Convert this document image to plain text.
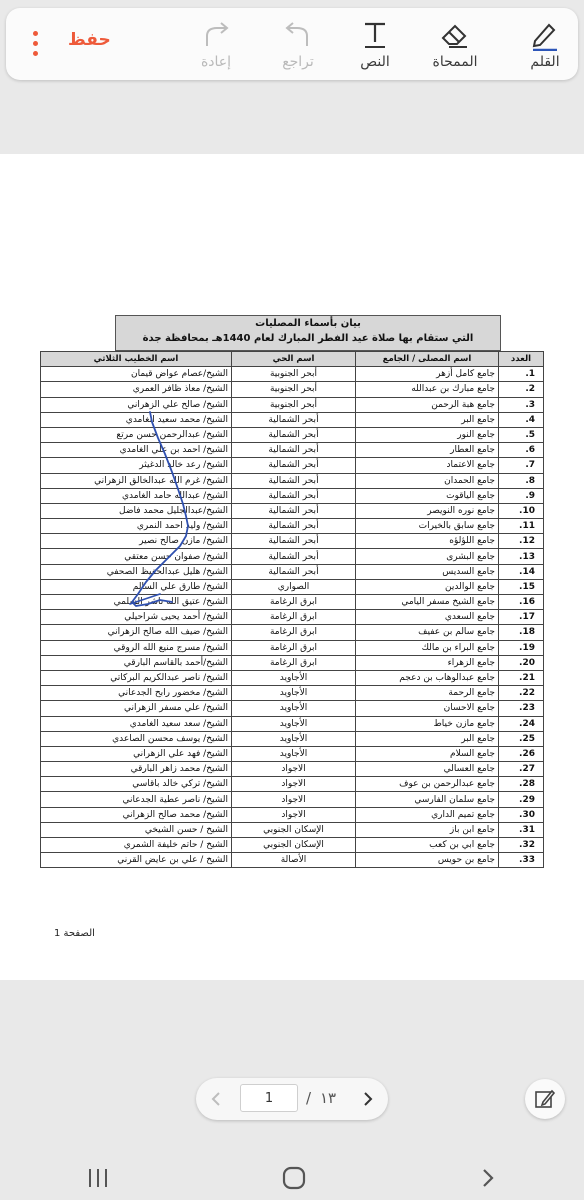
حفظ
إعادة	تراجع	النص	الممحاة	القلم
بيان بأسماء المصليات
التي ستقام بها صلاة عيد الفطر المبارك لعام 1440هـ بمحافظة جدة
العدد	اسم المصلى / الجامع	اسم الحي	اسم الخطيب الثلاثي
1.	جامع كامل أزهر	أبحر الجنوبية	الشيخ/عصام عواض قيمان
2.	جامع مبارك بن عبدالله	أبحر الجنوبية	الشيخ/ معاذ ظافر العمري
3.	جامع هبة الرحمن	أبحر الجنوبية	الشيخ/ صالح علي الزهراني
4.	جامع البر	أبحر الشمالية	الشيخ/ محمد سعيد الغامدي
5.	جامع النور	أبحر الشمالية	الشيخ/ عبدالرحمن حسن مرتع
6.	جامع العطار	أبحر الشمالية	الشيخ/ احمد بن علي الغامدي
7.	جامع الاعتماد	أبحر الشمالية	الشيخ/ رعد خالد الدغيثر
8.	جامع الحمدان	أبحر الشمالية	الشيخ/ غرم الله عبدالخالق الزهراني
9.	جامع الياقوت	أبحر الشمالية	الشيخ/ عبدالله حامد الغامدي
10.	جامع نوره النويصر	أبحر الشمالية	الشيخ/عبدالجليل محمد فاضل
11.	جامع سابق بالخيرات	أبحر الشمالية	الشيخ/ وليد احمد النمري
12.	جامع اللؤلؤه	أبحر الشمالية	الشيخ/ مازن صالح نصير
13.	جامع البشرى	أبحر الشمالية	الشيخ/ صفوان حسن معتقي
14.	جامع السديس	أبحر الشمالية	الشيخ/ هليل عبدالحفيظ الصحفي
15.	جامع الوالدين	الصواري	الشيخ/ طارق علي السالم
16.	جامع الشيخ مسفر اليامي	ابرق الرغامة	الشيخ/ عتيق الله ناشر السلمي
17.	جامع السعدي	ابرق الرغامة	الشيخ/ أحمد يحيى شراحيلي
18.	جامع سالم بن عفيف	ابرق الرغامة	الشيخ/ ضيف الله صالح الزهراني
19.	جامع البراء بن مالك	ابرق الرغامة	الشيخ/ مسرج منيع الله الروقي
20.	جامع الزهراء	ابرق الرغامة	الشيخ/أحمد بالقاسم البارقي
21.	جامع عبدالوهاب بن دعجم	الأجاويد	الشيخ/ ناصر عبدالكريم البركاتي
22.	جامع الرحمة	الأجاويد	الشيخ/ مخضور رابح الجدعاني
23.	جامع الاحسان	الأجاويد	الشيخ/ علي مسفر الزهراني
24.	جامع مازن خياط	الأجاويد	الشيخ/ سعد سعيد الغامدي
25.	جامع البر	الأجاويد	الشيخ/ يوسف محسن الصاعدي
26.	جامع السلام	الأجاويد	الشيخ/ فهد علي الزهراني
27.	جامع العسالي	الاجواد	الشيخ/ محمد زاهر البارقي
28.	جامع عبدالرحمن بن عوف	الاجواد	الشيخ/ تركي خالد باقاسي
29.	جامع سلمان الفارسي	الاجواد	الشيخ/ ناصر عطية الجدعاني
30.	جامع تميم الداري	الاجواد	الشيخ/ محمد صالح الزهراني
31.	جامع ابن باز	الإسكان الجنوبي	الشيخ / حسن الشيخي
32.	جامع ابي بن كعب	الإسكان الجنوبي	الشيخ / حاتم خليفة الشمري
33.	جامع بن حويس	الأصالة	الشيخ / علي بن عايض القرني
الصفحة 1
1
/ ١٣
